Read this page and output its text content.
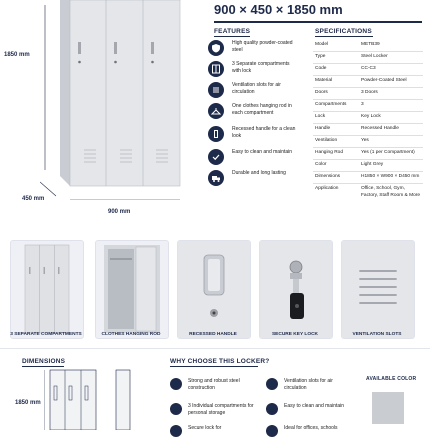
900 × 450 × 1850 mm
1850 mm
450 mm
900 mm
FEATURES
High quality powder-coated steel
3 Separate compartments with lock
Ventilation slots for air circulation
One clothes hanging rod in each compartment
Recessed handle for a clean look
Easy to clean and maintain
Durable and long lasting
SPECIFICATIONS
Model	METB39
Type	Steel Locker
Code	CC-C3
Material	Powder-Coated Steel
Doors	3 Doors
Compartments	3
Lock	Key Lock
Handle	Recessed Handle
Ventilation	Yes
Hanging Rod	Yes (1 per Compartment)
Color	Light Grey
Dimensions	H1850 × W900 × D450 mm
Application	Office, School, Gym, Factory, Staff Room & More
3 SEPARATE COMPARTMENTS	CLOTHES HANGING ROD	RECESSED HANDLE	SECURE KEY LOCK	VENTILATION SLOTS
DIMENSIONS
1850 mm
WHY CHOOSE THIS LOCKER?
Strong and robust steel construction
Ventilation slots for air circulation
3 Individual compartments for personal storage
Easy to clean and maintain
Secure lock for	Ideal for offices, schools
AVAILABLE COLOR
